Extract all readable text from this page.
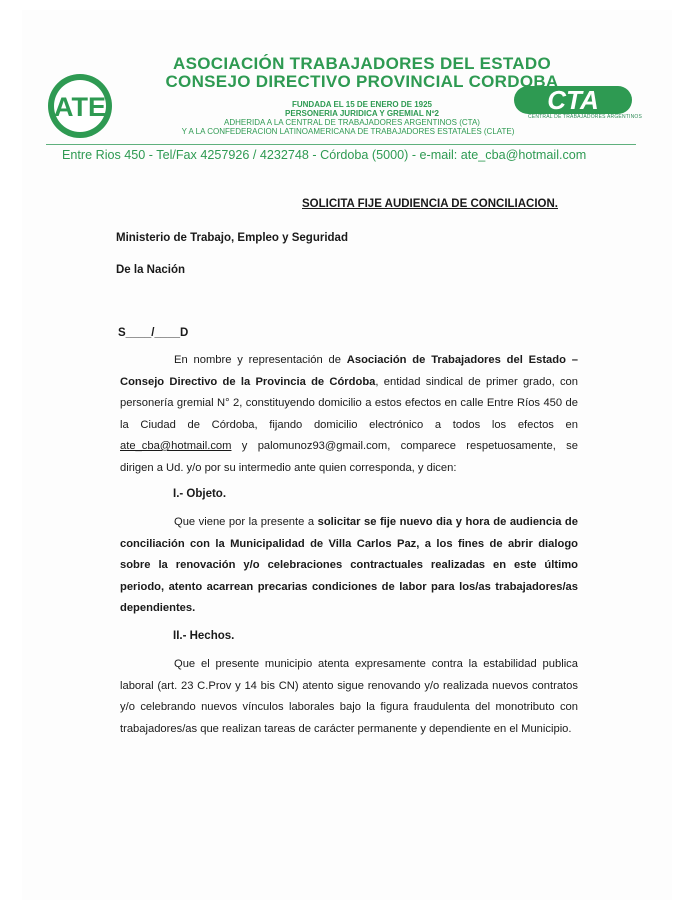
ATE	CTA
CENTRAL DE TRABAJADORES ARGENTINOS
ASOCIACIÓN TRABAJADORES DEL ESTADO
CONSEJO DIRECTIVO PROVINCIAL CORDOBA
FUNDADA EL 15 DE ENERO DE 1925
PERSONERIA JURIDICA Y GREMIAL Nº2
ADHERIDA A LA CENTRAL DE TRABAJADORES ARGENTINOS (CTA)
Y A LA CONFEDERACION LATINOAMERICANA DE TRABAJADORES ESTATALES (CLATE)
Entre Rios 450 - Tel/Fax 4257926 / 4232748 - Córdoba (5000) - e-mail: ate_cba@hotmail.com
SOLICITA FIJE AUDIENCIA DE CONCILIACION.
Ministerio de Trabajo, Empleo y Seguridad
De la Nación
S____/____D
En nombre y representación de Asociación de Trabajadores del Estado – Consejo Directivo de la Provincia de Córdoba, entidad sindical de primer grado, con personería gremial N° 2, constituyendo domicilio a estos efectos en calle Entre Ríos 450 de la Ciudad de Córdoba, fijando domicilio electrónico a todos los efectos en ate_cba@hotmail.com y palomunoz93@gmail.com, comparece respetuosamente, se dirigen a Ud. y/o por su intermedio ante quien corresponda, y dicen:
I.- Objeto.
Que viene por la presente a solicitar se fije nuevo dia y hora de audiencia de conciliación con la Municipalidad de Villa Carlos Paz, a los fines de abrir dialogo sobre la renovación y/o celebraciones contractuales realizadas en este último periodo, atento acarrean precarias condiciones de labor para los/as trabajadores/as dependientes.
II.- Hechos.
Que el presente municipio atenta expresamente contra la estabilidad publica laboral (art. 23 C.Prov y 14 bis CN) atento sigue renovando y/o realizada nuevos contratos y/o celebrando nuevos vínculos laborales bajo la figura fraudulenta del monotributo con trabajadores/as que realizan tareas de carácter permanente y dependiente en el Municipio.
